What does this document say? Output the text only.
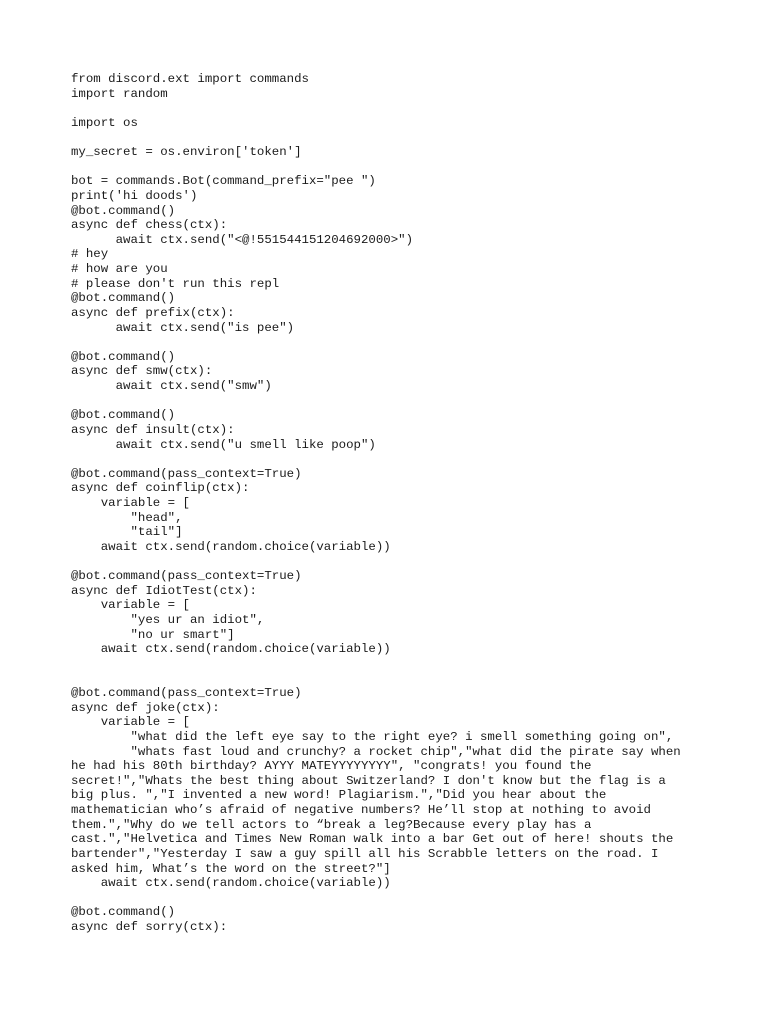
from discord.ext import commands
import random
import os
my_secret = os.environ['token']
bot = commands.Bot(command_prefix="pee ")
print('hi doods')
@bot.command()
async def chess(ctx):
await ctx.send("<@!551544151204692000>")
# hey
# how are you
# please don't run this repl
@bot.command()
async def prefix(ctx):
await ctx.send("is pee")
@bot.command()
async def smw(ctx):
await ctx.send("smw")
@bot.command()
async def insult(ctx):
await ctx.send("u smell like poop")
@bot.command(pass_context=True)
async def coinflip(ctx):
variable = [
"head",
"tail"]
await ctx.send(random.choice(variable))
@bot.command(pass_context=True)
async def IdiotTest(ctx):
variable = [
"yes ur an idiot",
"no ur smart"]
await ctx.send(random.choice(variable))
@bot.command(pass_context=True)
async def joke(ctx):
variable = [
"what did the left eye say to the right eye? i smell something going on",
"whats fast loud and crunchy? a rocket chip","what did the pirate say when
he had his 80th birthday? AYYY MATEYYYYYYYY", "congrats! you found the
secret!","Whats the best thing about Switzerland? I don't know but the flag is a
big plus. ","I invented a new word! Plagiarism.","Did you hear about the
mathematician who’s afraid of negative numbers? He’ll stop at nothing to avoid
them.","Why do we tell actors to “break a leg?Because every play has a
cast.","Helvetica and Times New Roman walk into a bar Get out of here! shouts the
bartender","Yesterday I saw a guy spill all his Scrabble letters on the road. I
asked him, What’s the word on the street?"]
await ctx.send(random.choice(variable))
@bot.command()
async def sorry(ctx):
